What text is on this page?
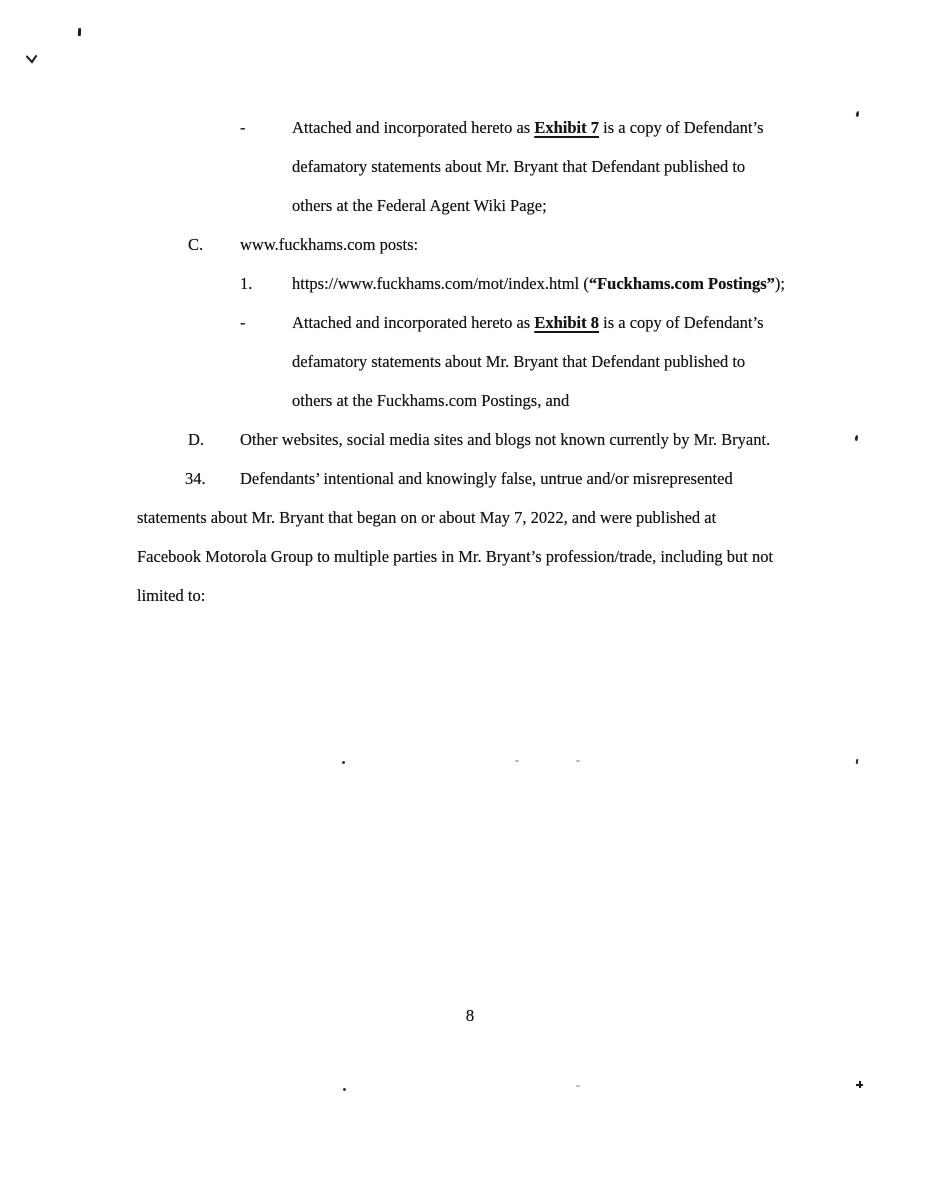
-	Attached and incorporated hereto as Exhibit 7 is a copy of Defendant’s
defamatory statements about Mr. Bryant that Defendant published to
others at the Federal Agent Wiki Page;
C. www.fuckhams.com posts:
1. https://www.fuckhams.com/mot/index.html (“Fuckhams.com Postings”);
-	Attached and incorporated hereto as Exhibit 8 is a copy of Defendant’s
defamatory statements about Mr. Bryant that Defendant published to
others at the Fuckhams.com Postings, and
D. Other websites, social media sites and blogs not known currently by Mr. Bryant.
34. Defendants’ intentional and knowingly false, untrue and/or misrepresented
statements about Mr. Bryant that began on or about May 7, 2022, and were published at
Facebook Motorola Group to multiple parties in Mr. Bryant’s profession/trade, including but not
limited to:
8
